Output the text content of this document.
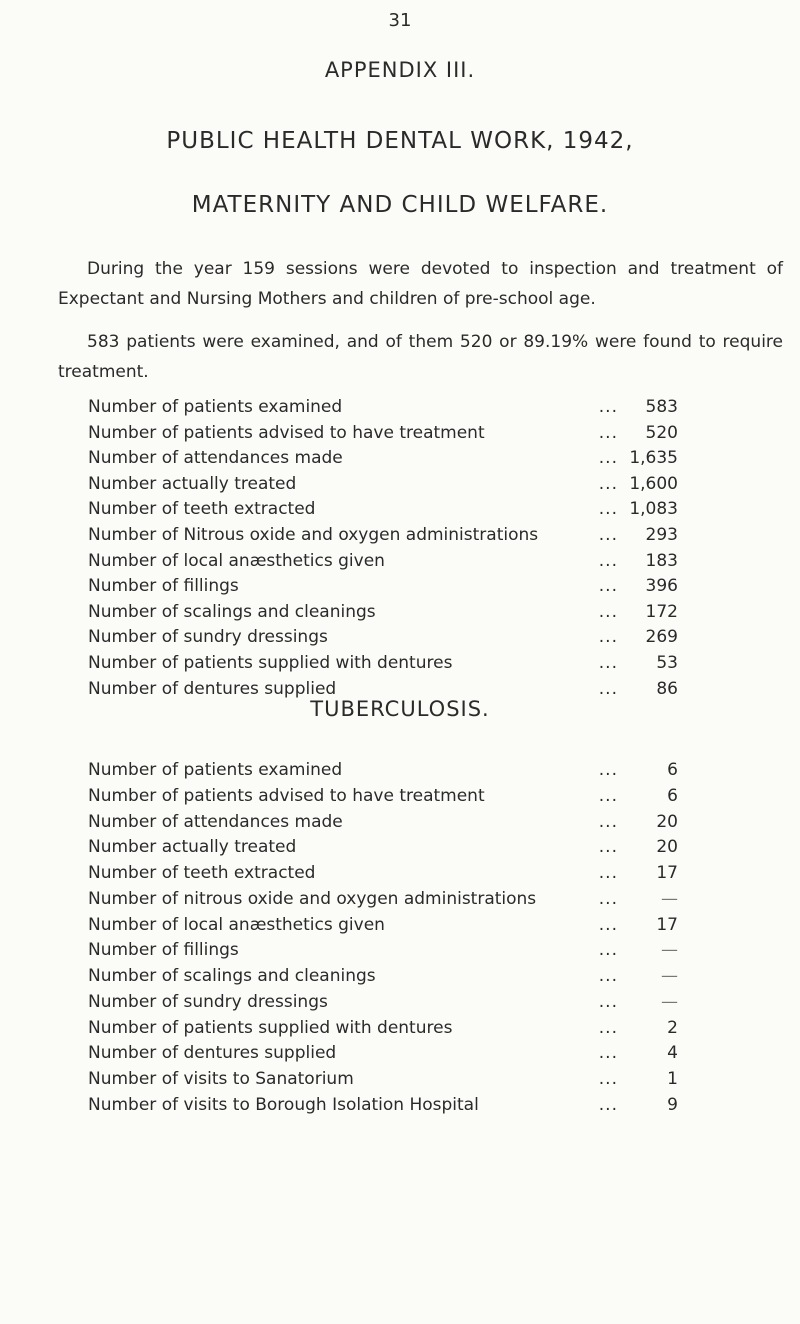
31
APPENDIX III.
PUBLIC HEALTH DENTAL WORK, 1942,
MATERNITY AND CHILD WELFARE.

During the year 159 sessions were devoted to inspection and treatment of Expectant and Nursing Mothers and children of pre-school age.

583 patients were examined, and of them 520 or 89.19% were found to require treatment.

Number of patients examined	...	583
Number of patients advised to have treatment	...	520
Number of attendances made	... 1,635
Number actually treated	... 1,600
Number of teeth extracted	... 1,083
Number of Nitrous oxide and oxygen administrations	...	293
Number of local anæsthetics given	...	183
Number of fillings	...	396
Number of scalings and cleanings	...	172
Number of sundry dressings	...	269
Number of patients supplied with dentures	...	53
Number of dentures supplied	...	86
TUBERCULOSIS.
Number of patients examined	...	6
Number of patients advised to have treatment	...	6
Number of attendances made	...	20
Number actually treated	...	20
Number of teeth extracted	...	17
Number of nitrous oxide and oxygen administrations	...	—
Number of local anæsthetics given	...	17
Number of fillings	...	—
Number of scalings and cleanings	...	—
Number of sundry dressings	...	—
Number of patients supplied with dentures	...	2
Number of dentures supplied	...	4
Number of visits to Sanatorium	...	1
Number of visits to Borough Isolation Hospital	...	9
